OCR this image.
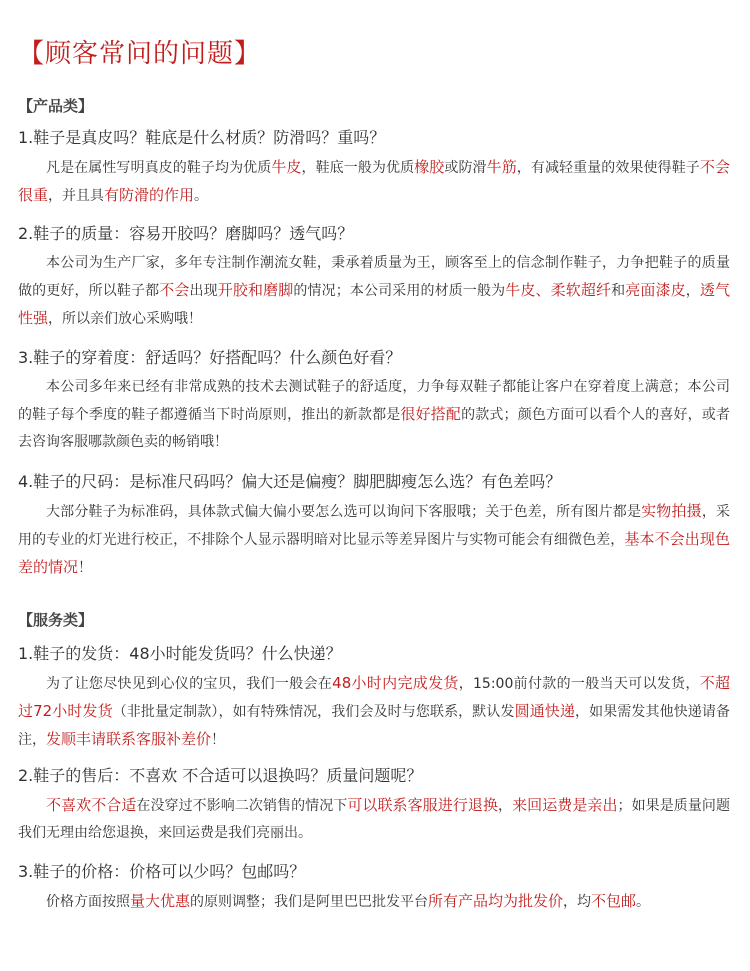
【顾客常问的问题】
【产品类】

1.鞋子是真皮吗？鞋底是什么材质？防滑吗？重吗？

凡是在属性写明真皮的鞋子均为优质牛皮，鞋底一般为优质橡胶或防滑牛筋，有减轻重量的效果使得鞋子不会很重，并且具有防滑的作用。

2.鞋子的质量：容易开胶吗？磨脚吗？透气吗？

本公司为生产厂家，多年专注制作潮流女鞋，秉承着质量为王，顾客至上的信念制作鞋子，力争把鞋子的质量做的更好，所以鞋子都不会出现开胶和磨脚的情况；本公司采用的材质一般为牛皮、柔软超纤和亮面漆皮，透气性强，所以亲们放心采购哦！

3.鞋子的穿着度：舒适吗？好搭配吗？什么颜色好看？

本公司多年来已经有非常成熟的技术去测试鞋子的舒适度，力争每双鞋子都能让客户在穿着度上满意；本公司的鞋子每个季度的鞋子都遵循当下时尚原则，推出的新款都是很好搭配的款式；颜色方面可以看个人的喜好，或者去咨询客服哪款颜色卖的畅销哦！

4.鞋子的尺码：是标准尺码吗？偏大还是偏瘦？脚肥脚瘦怎么选？有色差吗？

大部分鞋子为标准码，具体款式偏大偏小要怎么选可以询问下客服哦；关于色差，所有图片都是实物拍摄，采用的专业的灯光进行校正，不排除个人显示器明暗对比显示等差异图片与实物可能会有细微色差，基本不会出现色差的情况！

【服务类】

1.鞋子的发货：48小时能发货吗？什么快递？

为了让您尽快见到心仪的宝贝，我们一般会在48小时内完成发货，15:00前付款的一般当天可以发货，不超过72小时发货（非批量定制款），如有特殊情况，我们会及时与您联系，默认发圆通快递，如果需发其他快递请备注，发顺丰请联系客服补差价！

2.鞋子的售后：不喜欢 不合适可以退换吗？质量问题呢？

不喜欢不合适在没穿过不影响二次销售的情况下可以联系客服进行退换，来回运费是亲出；如果是质量问题我们无理由给您退换，来回运费是我们亮丽出。

3.鞋子的价格：价格可以少吗？包邮吗？

价格方面按照量大优惠的原则调整；我们是阿里巴巴批发平台所有产品均为批发价，均不包邮。
